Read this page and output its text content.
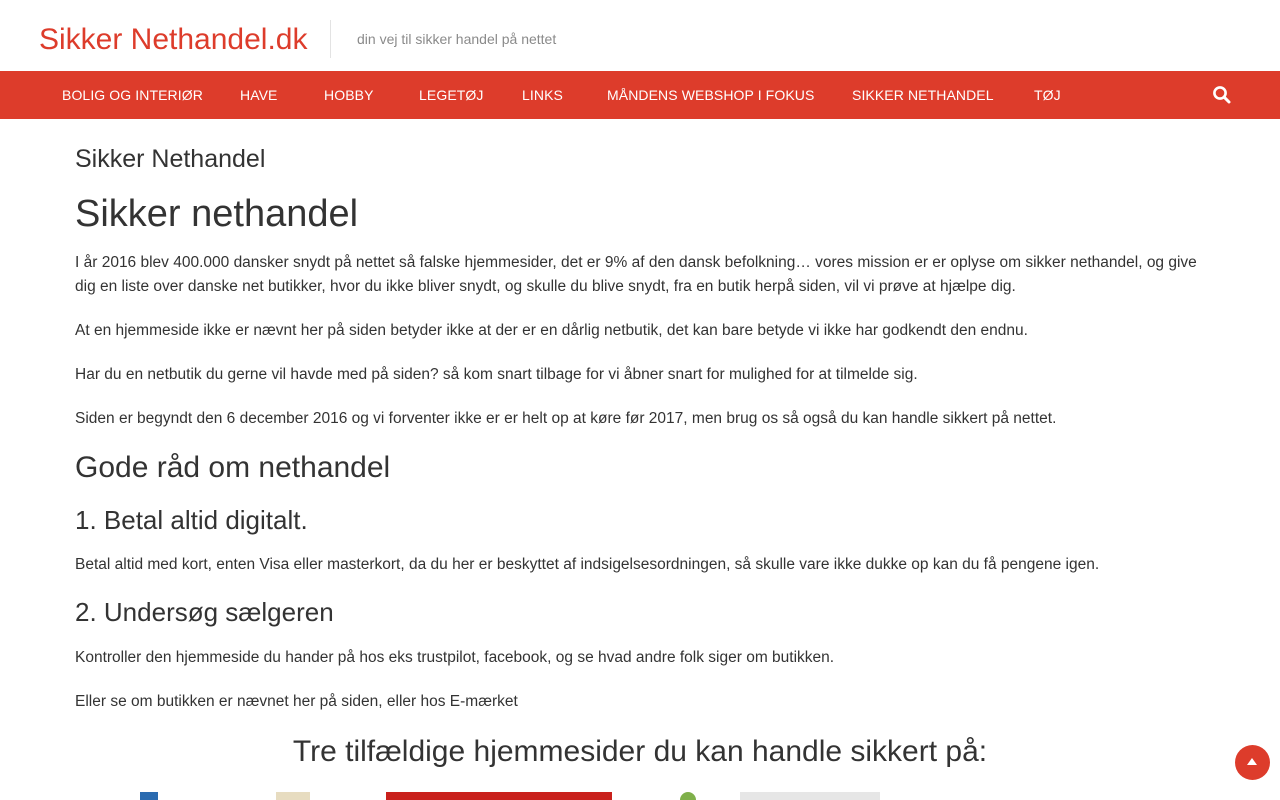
Sikker Nethandel.dk	din vej til sikker handel på nettet
BOLIG OG INTERIØR	HAVE	HOBBY	LEGETØJ	LINKS	MÅNDENS WEBSHOP I FOKUS	SIKKER NETHANDEL	TØJ
Sikker Nethandel
Sikker nethandel

I år 2016 blev 400.000 dansker snydt på nettet så falske hjemmesider, det er 9% af den dansk befolkning… vores mission er er oplyse om sikker nethandel, og give dig en liste over danske net butikker, hvor du ikke bliver snydt, og skulle du blive snydt, fra en butik herpå siden, vil vi prøve at hjælpe dig.

At en hjemmeside ikke er nævnt her på siden betyder ikke at der er en dårlig netbutik, det kan bare betyde vi ikke har godkendt den endnu.

Har du en netbutik du gerne vil havde med på siden? så kom snart tilbage for vi åbner snart for mulighed for at tilmelde sig.

Siden er begyndt den 6 december 2016 og vi forventer ikke er er helt op at køre før 2017, men brug os så også du kan handle sikkert på nettet.

Gode råd om nethandel
1. Betal altid digitalt.

Betal altid med kort, enten Visa eller masterkort, da du her er beskyttet af indsigelsesordningen, så skulle vare ikke dukke op kan du få pengene igen.

2. Undersøg sælgeren

Kontroller den hjemmeside du hander på hos eks trustpilot, facebook, og se hvad andre folk siger om butikken.

Eller se om butikken er nævnet her på siden, eller hos E-mærket

Tre tilfældige hjemmesider du kan handle sikkert på:
